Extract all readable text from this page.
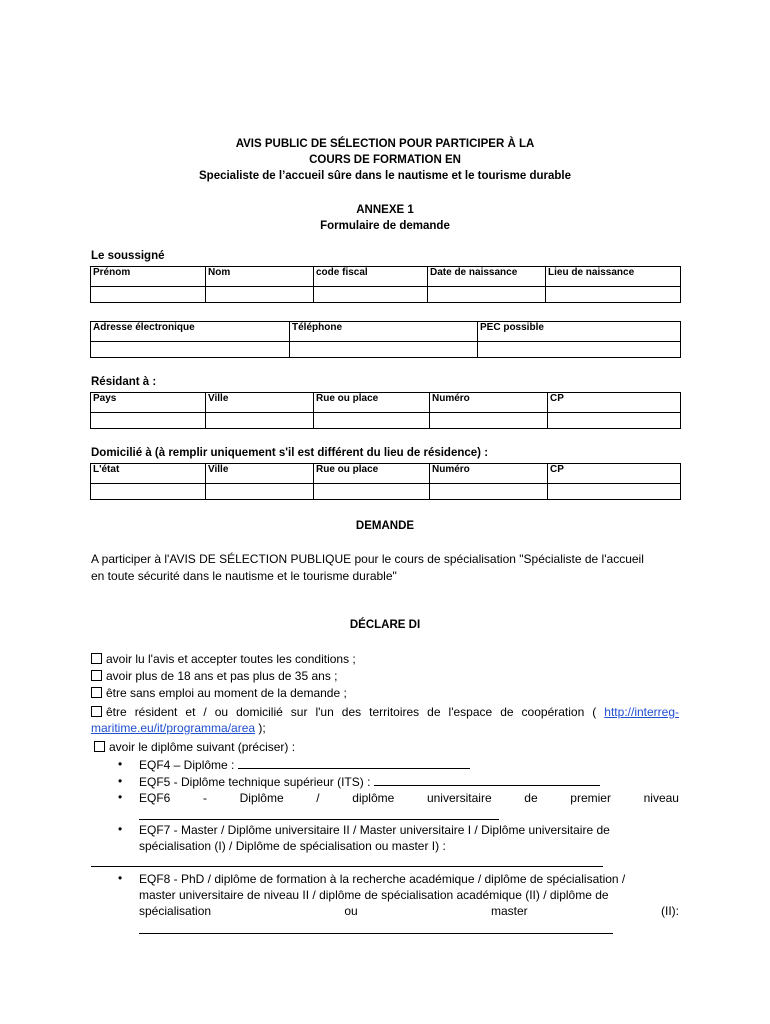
AVIS PUBLIC DE SÉLECTION POUR PARTICIPER À LA
COURS DE FORMATION EN
Specialiste de l’accueil sûre dans le nautisme et le tourisme durable
ANNEXE 1
Formulaire de demande
Le soussigné
Prénom	Nom	code fiscal	Date de naissance	Lieu de naissance

Adresse électronique	Téléphone	PEC possible

Résidant à :
Pays	Ville	Rue ou place	Numéro	CP

Domicilié à (à remplir uniquement s'il est différent du lieu de résidence) :
L'état	Ville	Rue ou place	Numéro	CP

DEMANDE
A participer à l'AVIS DE SÉLECTION PUBLIQUE pour le cours de spécialisation "Spécialiste de l'accueil
en toute sécurité dans le nautisme et le tourisme durable"
DÉCLARE DI
avoir lu l'avis et accepter toutes les conditions ;
avoir plus de 18 ans et pas plus de 35 ans ;
être sans emploi au moment de la demande ;
être résident et / ou domicilié sur l'un des territoires de l'espace de coopération ( http://interreg-
maritime.eu/it/programma/area );
avoir le diplôme suivant (préciser) :
• EQF4 – Diplôme :
• EQF5 - Diplôme technique supérieur (ITS) :
• EQF6	-	Diplôme	/	diplôme	universitaire	de	premier	niveau
• EQF7 - Master / Diplôme universitaire II / Master universitaire I / Diplôme universitaire de
spécialisation (I) / Diplôme de spécialisation ou master I) :
• EQF8 - PhD / diplôme de formation à la recherche académique / diplôme de spécialisation /
master universitaire de niveau II / diplôme de spécialisation académique (II) / diplôme de
spécialisation	ou	master	(II):
